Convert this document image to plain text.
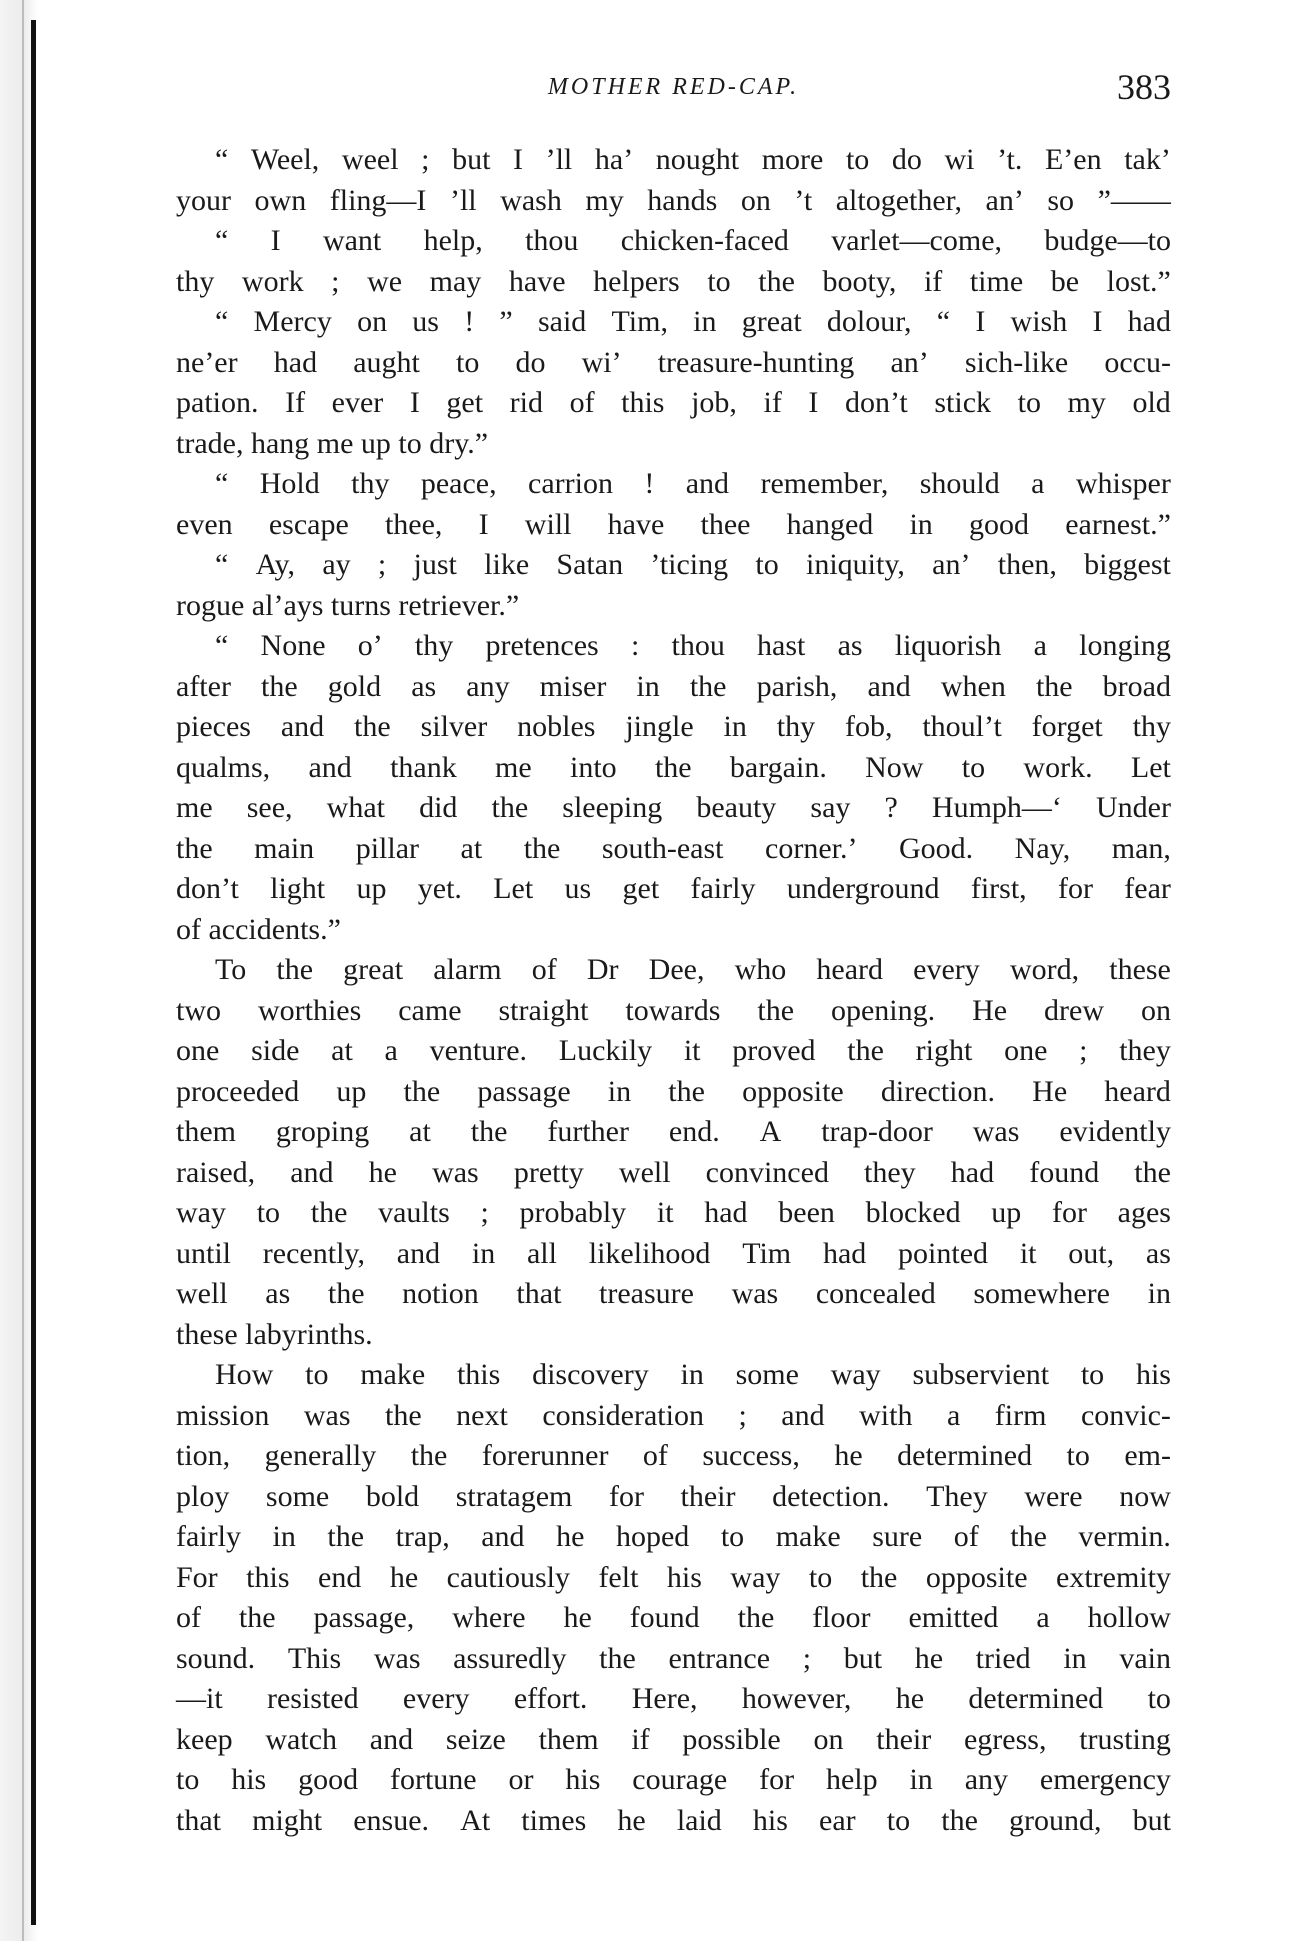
MOTHER RED-CAP.	383
“ Weel, weel ; but I ’ll ha’ nought more to do wi ’t. E’en tak’
your own fling—I ’ll wash my hands on ’t altogether, an’ so ”——
“ I want help, thou chicken-faced varlet—come, budge—to
thy work ; we may have helpers to the booty, if time be lost.”
“ Mercy on us ! ” said Tim, in great dolour, “ I wish I had
ne’er had aught to do wi’ treasure-hunting an’ sich-like occu-
pation. If ever I get rid of this job, if I don’t stick to my old
trade, hang me up to dry.”
“ Hold thy peace, carrion ! and remember, should a whisper
even escape thee, I will have thee hanged in good earnest.”
“ Ay, ay ; just like Satan ’ticing to iniquity, an’ then, biggest
rogue al’ays turns retriever.”
“ None o’ thy pretences : thou hast as liquorish a longing
after the gold as any miser in the parish, and when the broad
pieces and the silver nobles jingle in thy fob, thoul’t forget thy
qualms, and thank me into the bargain. Now to work. Let
me see, what did the sleeping beauty say ? Humph—‘ Under
the main pillar at the south-east corner.’ Good. Nay, man,
don’t light up yet. Let us get fairly underground first, for fear
of accidents.”
To the great alarm of Dr Dee, who heard every word, these
two worthies came straight towards the opening. He drew on
one side at a venture. Luckily it proved the right one ; they
proceeded up the passage in the opposite direction. He heard
them groping at the further end. A trap-door was evidently
raised, and he was pretty well convinced they had found the
way to the vaults ; probably it had been blocked up for ages
until recently, and in all likelihood Tim had pointed it out, as
well as the notion that treasure was concealed somewhere in
these labyrinths.
How to make this discovery in some way subservient to his
mission was the next consideration ; and with a firm convic-
tion, generally the forerunner of success, he determined to em-
ploy some bold stratagem for their detection. They were now
fairly in the trap, and he hoped to make sure of the vermin.
For this end he cautiously felt his way to the opposite extremity
of the passage, where he found the floor emitted a hollow
sound. This was assuredly the entrance ; but he tried in vain
—it resisted every effort. Here, however, he determined to
keep watch and seize them if possible on their egress, trusting
to his good fortune or his courage for help in any emergency
that might ensue. At times he laid his ear to the ground, but
